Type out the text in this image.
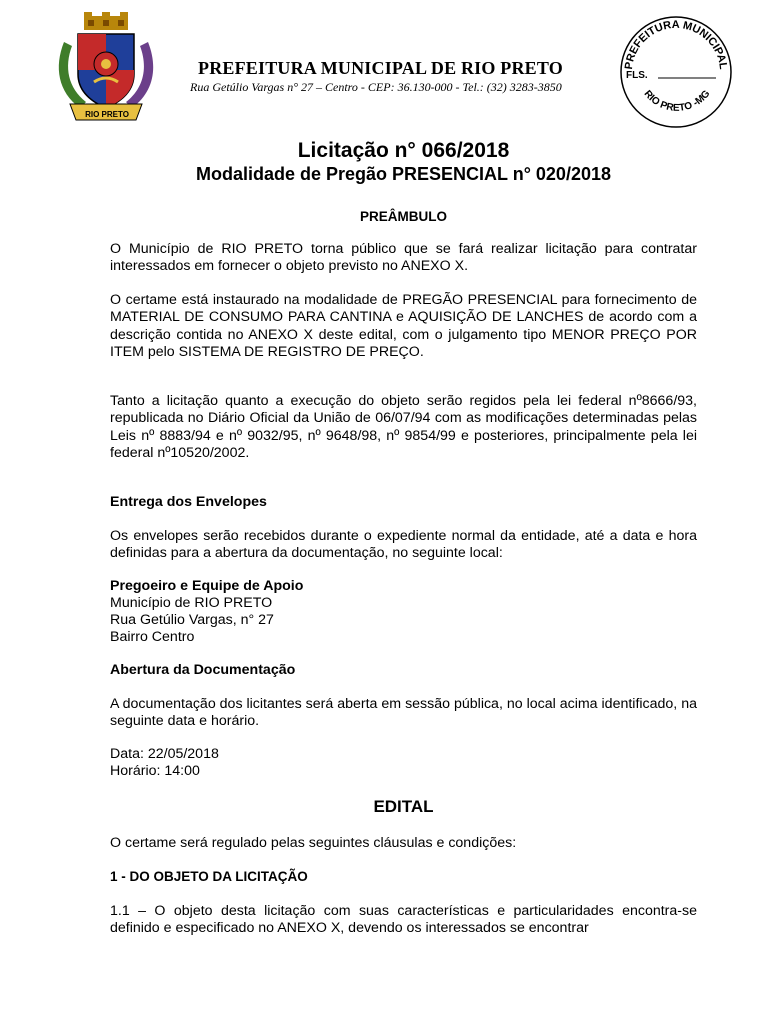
RIO PRETO
PREFEITURA MUNICIPAL
FLS.
RIO PRETO -MG
PREFEITURA MUNICIPAL DE RIO PRETO
Rua Getúlio Vargas n° 27 – Centro - CEP: 36.130-000 - Tel.: (32) 3283-3850
Licitação n° 066/2018
Modalidade de Pregão PRESENCIAL n° 020/2018
PREÂMBULO

O Município de RIO PRETO torna público que se fará realizar licitação para contratar interessados em fornecer o objeto previsto no ANEXO X.

O certame está instaurado na modalidade de PREGÃO PRESENCIAL para fornecimento de MATERIAL DE CONSUMO PARA CANTINA e AQUISIÇÃO DE LANCHES de acordo com a descrição contida no ANEXO X deste edital, com o julgamento tipo MENOR PREÇO POR ITEM pelo SISTEMA DE REGISTRO DE PREÇO.

Tanto a licitação quanto a execução do objeto serão regidos pela lei federal nº8666/93, republicada no Diário Oficial da União de 06/07/94 com as modificações determinadas pelas Leis nº 8883/94 e nº 9032/95, nº 9648/98, nº 9854/99 e posteriores, principalmente pela lei federal nº10520/2002.

Entrega dos Envelopes

Os envelopes serão recebidos durante o expediente normal da entidade, até a data e hora definidas para a abertura da documentação, no seguinte local:

Pregoeiro e Equipe de Apoio
Município de RIO PRETO
Rua Getúlio Vargas, n° 27
Bairro Centro
Abertura da Documentação

A documentação dos licitantes será aberta em sessão pública, no local acima identificado, na seguinte data e horário.

Data: 22/05/2018
Horário: 14:00
EDITAL
O certame será regulado pelas seguintes cláusulas e condições:
1 - DO OBJETO DA LICITAÇÃO

1.1 – O objeto desta licitação com suas características e particularidades encontra-se definido e especificado no ANEXO X, devendo os interessados se encontrar
